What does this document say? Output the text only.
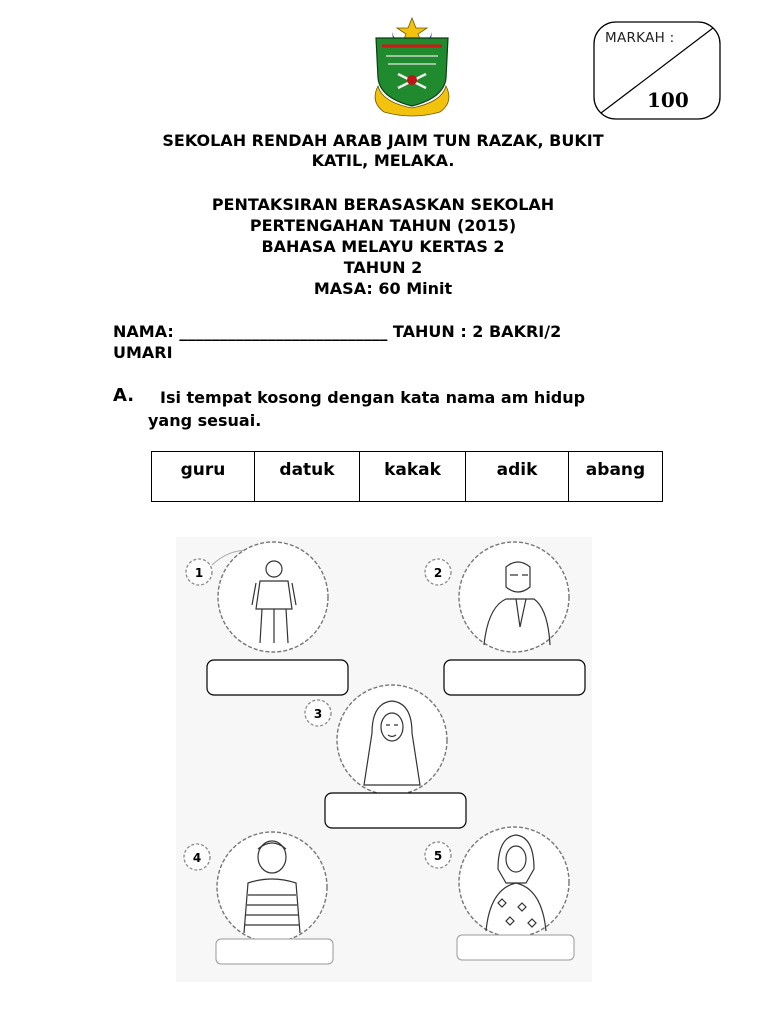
MARKAH :
100
SEKOLAH RENDAH ARAB JAIM TUN RAZAK, BUKIT
KATIL, MELAKA.
PENTAKSIRAN BERASASKAN SEKOLAH
PERTENGAHAN TAHUN (2015)
BAHASA MELAYU KERTAS 2
TAHUN 2
MASA: 60 Minit
NAMA: __________________________ TAHUN : 2 BAKRI/2
UMARI
A.	Isi tempat kosong dengan kata nama am hidup
yang sesuai.
guru	datuk	kakak	adik	abang
1	2
3
4	5
